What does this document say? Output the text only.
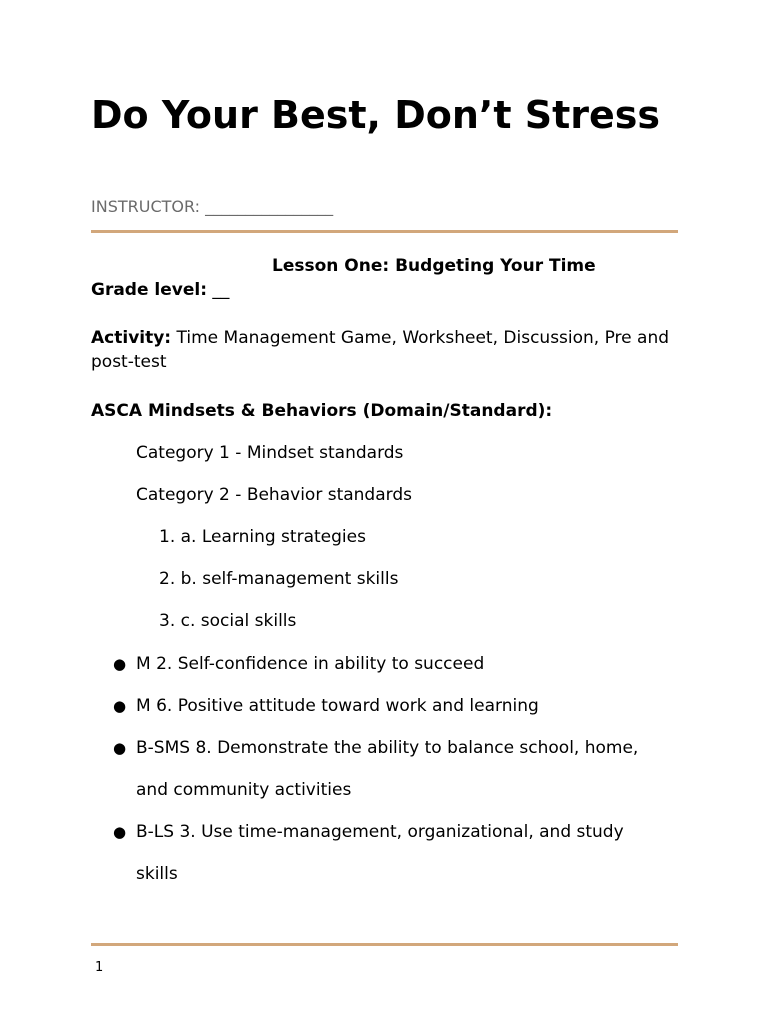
Do Your Best, Don’t Stress
INSTRUCTOR: ________________
Lesson One: Budgeting Your Time
Grade level: __
Activity: Time Management Game, Worksheet, Discussion, Pre and post-test
ASCA Mindsets & Behaviors (Domain/Standard):
Category 1 - Mindset standards
Category 2 - Behavior standards
1. a. Learning strategies
2. b. self-management skills
3. c. social skills
● M 2. Self-confidence in ability to succeed
● M 6. Positive attitude toward work and learning
● B-SMS 8. Demonstrate the ability to balance school, home,
and community activities
● B-LS 3. Use time-management, organizational, and study
skills
1
